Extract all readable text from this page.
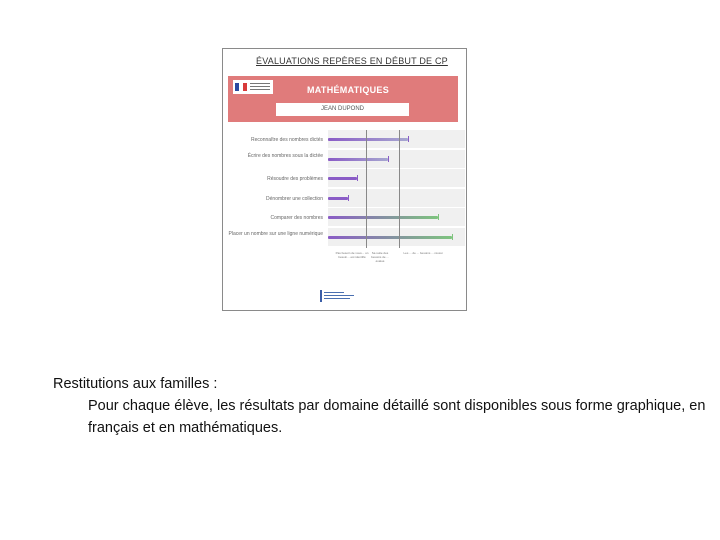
ÉVALUATIONS REPÈRES EN DÉBUT DE CP
MATHÉMATIQUES
JEAN DUPOND
Reconnaître des nombres dictés
Écrire des nombres sous la dictée
Résoudre des problèmes
Dénombrer une collection
Comparer des nombres
Placer un nombre sur une ligne numérique
Pas besoin de vous... un besoin... est identifié
Sa suite des besoins de ... évalué
Les ... de ... besoins ... réussi
Restitutions aux familles :
Pour chaque élève, les résultats par domaine détaillé sont disponibles sous forme graphique, en français et en mathématiques.
